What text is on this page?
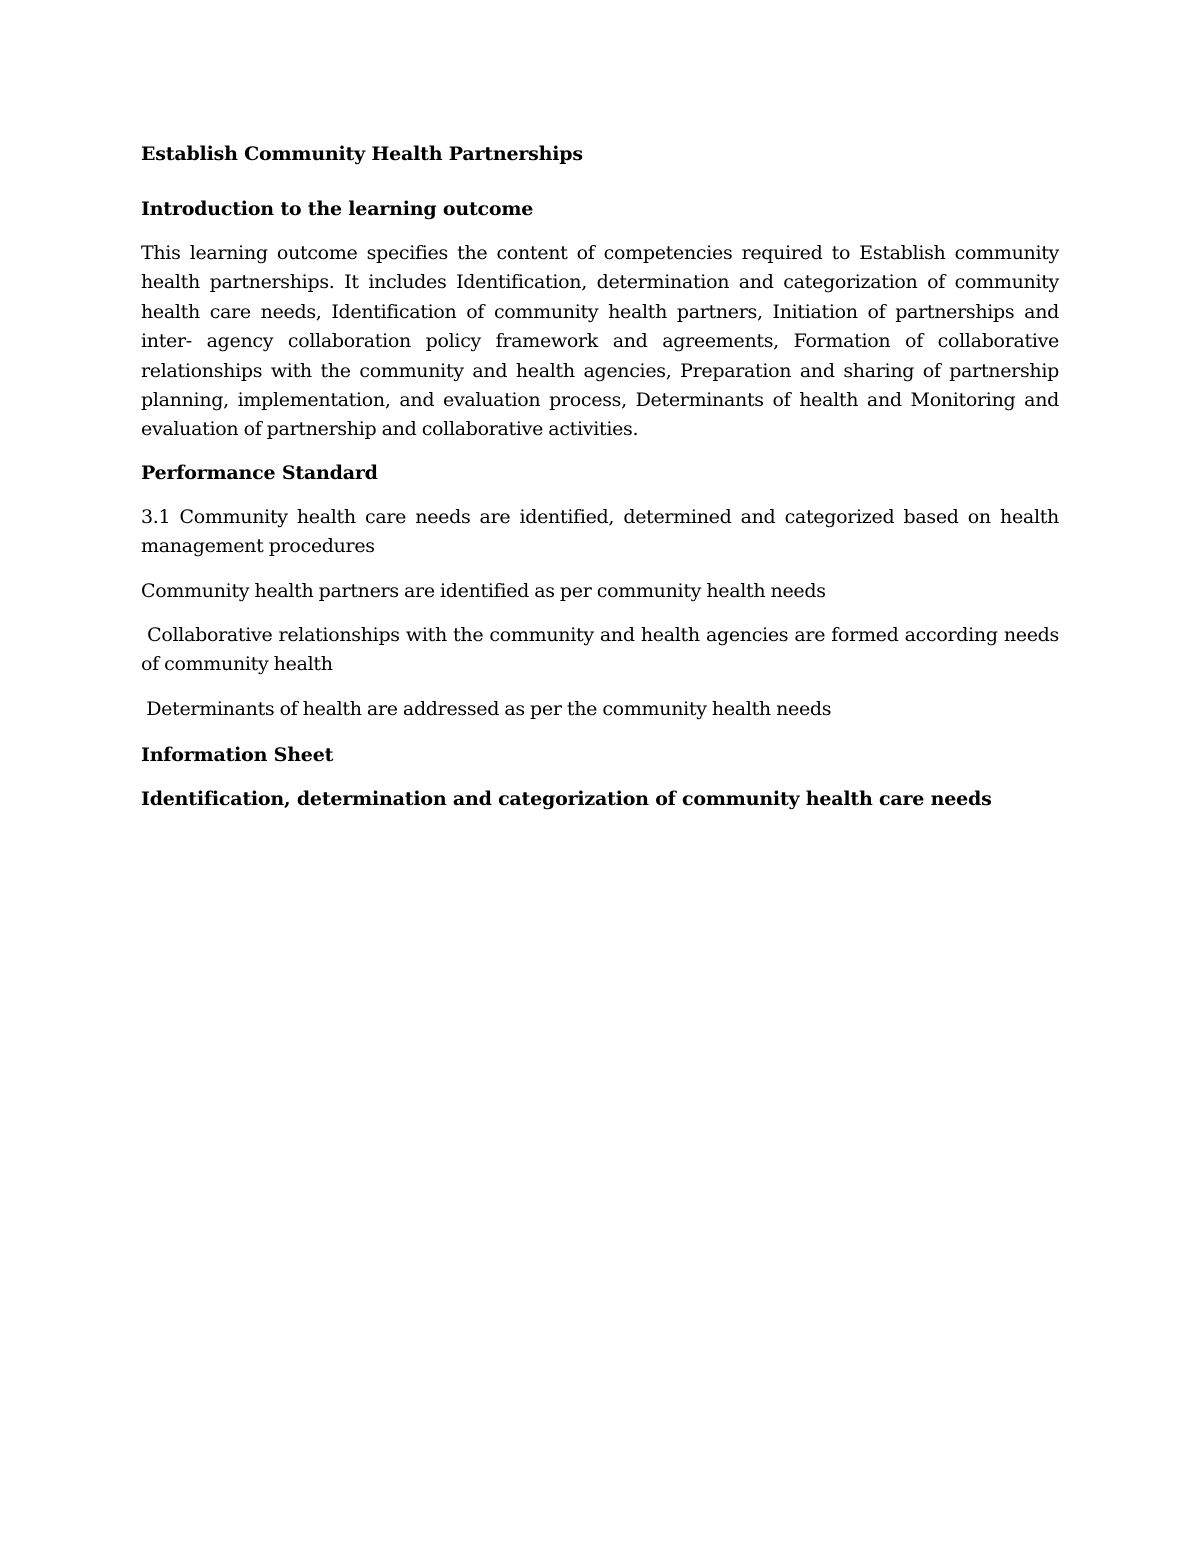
Establish Community Health Partnerships

Introduction to the learning outcome

This learning outcome specifies the content of competencies required to Establish community health partnerships. It includes Identification, determination and categorization of community health care needs, Identification of community health partners, Initiation of partnerships and inter- agency collaboration policy framework and agreements, Formation of collaborative relationships with the community and health agencies, Preparation and sharing of partnership planning, implementation, and evaluation process, Determinants of health and Monitoring and evaluation of partnership and collaborative activities.

Performance Standard

3.1 Community health care needs are identified, determined and categorized based on health management procedures

Community health partners are identified as per community health needs

Collaborative relationships with the community and health agencies are formed according needs of community health

Determinants of health are addressed as per the community health needs

Information Sheet

Identification, determination and categorization of community health care needs
